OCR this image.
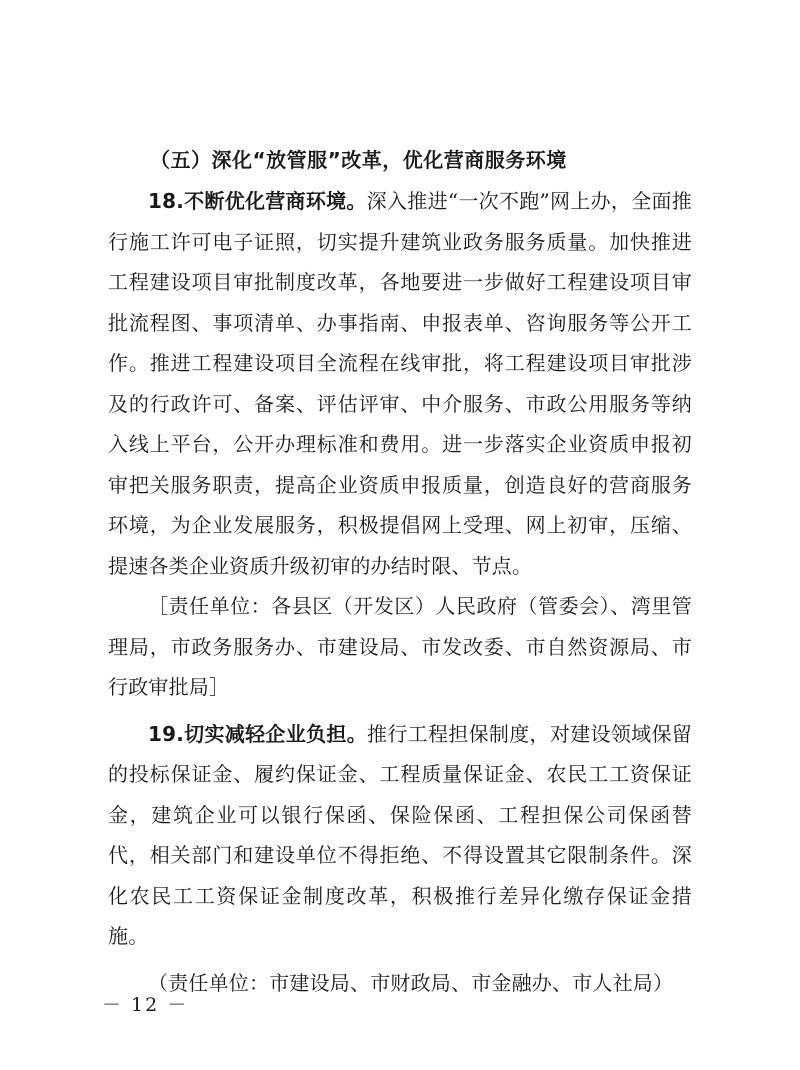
（五）深化“放管服”改革，优化营商服务环境

18.不断优化营商环境。深入推进“一次不跑”网上办，全面推行施工许可电子证照，切实提升建筑业政务服务质量。加快推进工程建设项目审批制度改革，各地要进一步做好工程建设项目审批流程图、事项清单、办事指南、申报表单、咨询服务等公开工作。推进工程建设项目全流程在线审批，将工程建设项目审批涉及的行政许可、备案、评估评审、中介服务、市政公用服务等纳入线上平台，公开办理标准和费用。进一步落实企业资质申报初审把关服务职责，提高企业资质申报质量，创造良好的营商服务环境，为企业发展服务，积极提倡网上受理、网上初审，压缩、提速各类企业资质升级初审的办结时限、节点。

［责任单位：各县区（开发区）人民政府（管委会）、湾里管理局，市政务服务办、市建设局、市发改委、市自然资源局、市行政审批局］

19.切实减轻企业负担。推行工程担保制度，对建设领域保留的投标保证金、履约保证金、工程质量保证金、农民工工资保证金，建筑企业可以银行保函、保险保函、工程担保公司保函替代，相关部门和建设单位不得拒绝、不得设置其它限制条件。深化农民工工资保证金制度改革，积极推行差异化缴存保证金措施。

（责任单位：市建设局、市财政局、市金融办、市人社局）

－ 12 －
